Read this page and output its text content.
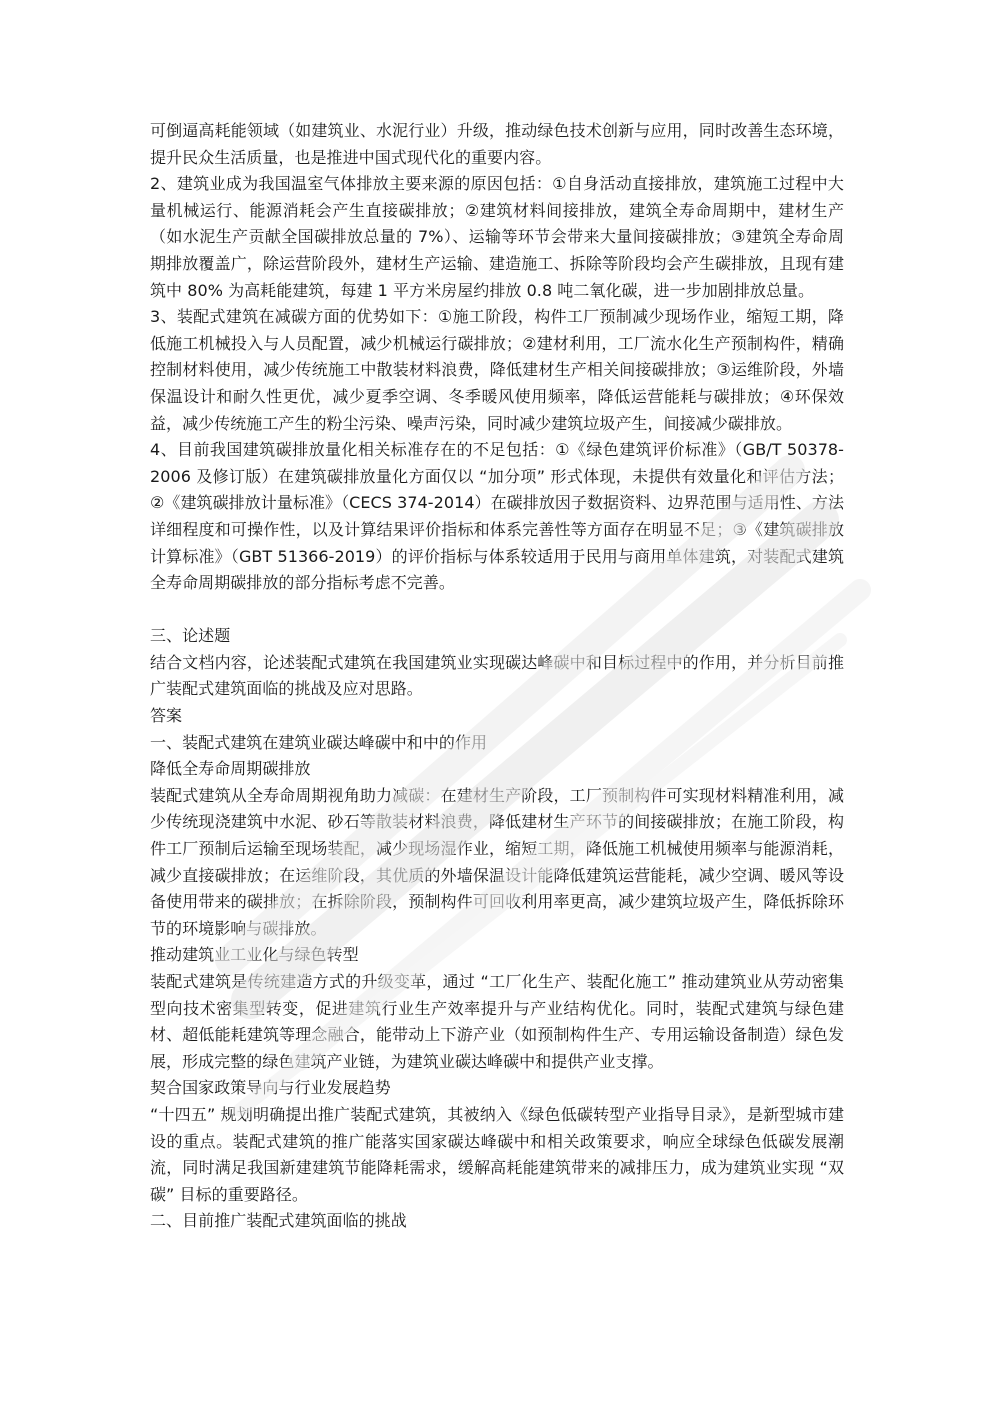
可倒逼高耗能领域（如建筑业、水泥行业）升级，推动绿色技术创新与应用，同时改善生态环境，提升民众生活质量，也是推进中国式现代化的重要内容。

2、建筑业成为我国温室气体排放主要来源的原因包括：①自身活动直接排放，建筑施工过程中大量机械运行、能源消耗会产生直接碳排放；②建筑材料间接排放，建筑全寿命周期中，建材生产（如水泥生产贡献全国碳排放总量的 7%）、运输等环节会带来大量间接碳排放；③建筑全寿命周期排放覆盖广，除运营阶段外，建材生产运输、建造施工、拆除等阶段均会产生碳排放，且现有建筑中 80% 为高耗能建筑，每建 1 平方米房屋约排放 0.8 吨二氧化碳，进一步加剧排放总量。

3、装配式建筑在减碳方面的优势如下：①施工阶段，构件工厂预制减少现场作业，缩短工期，降低施工机械投入与人员配置，减少机械运行碳排放；②建材利用，工厂流水化生产预制构件，精确控制材料使用，减少传统施工中散装材料浪费，降低建材生产相关间接碳排放；③运维阶段，外墙保温设计和耐久性更优，减少夏季空调、冬季暖风使用频率，降低运营能耗与碳排放；④环保效益，减少传统施工产生的粉尘污染、噪声污染，同时减少建筑垃圾产生，间接减少碳排放。

4、目前我国建筑碳排放量化相关标准存在的不足包括：①《绿色建筑评价标准》（GB/T 50378-2006 及修订版）在建筑碳排放量化方面仅以 “加分项” 形式体现，未提供有效量化和评估方法；②《建筑碳排放计量标准》（CECS 374-2014）在碳排放因子数据资料、边界范围与适用性、方法详细程度和可操作性，以及计算结果评价指标和体系完善性等方面存在明显不足；③《建筑碳排放计算标准》（GBT 51366-2019）的评价指标与体系较适用于民用与商用单体建筑，对装配式建筑全寿命周期碳排放的部分指标考虑不完善。

三、论述题

结合文档内容，论述装配式建筑在我国建筑业实现碳达峰碳中和目标过程中的作用，并分析目前推广装配式建筑面临的挑战及应对思路。

答案

一、装配式建筑在建筑业碳达峰碳中和中的作用

降低全寿命周期碳排放

装配式建筑从全寿命周期视角助力减碳：在建材生产阶段，工厂预制构件可实现材料精准利用，减少传统现浇建筑中水泥、砂石等散装材料浪费，降低建材生产环节的间接碳排放；在施工阶段，构件工厂预制后运输至现场装配，减少现场湿作业，缩短工期，降低施工机械使用频率与能源消耗，减少直接碳排放；在运维阶段，其优质的外墙保温设计能降低建筑运营能耗，减少空调、暖风等设备使用带来的碳排放；在拆除阶段，预制构件可回收利用率更高，减少建筑垃圾产生，降低拆除环节的环境影响与碳排放。

推动建筑业工业化与绿色转型

装配式建筑是传统建造方式的升级变革，通过 “工厂化生产、装配化施工” 推动建筑业从劳动密集型向技术密集型转变，促进建筑行业生产效率提升与产业结构优化。同时，装配式建筑与绿色建材、超低能耗建筑等理念融合，能带动上下游产业（如预制构件生产、专用运输设备制造）绿色发展，形成完整的绿色建筑产业链，为建筑业碳达峰碳中和提供产业支撑。

契合国家政策导向与行业发展趋势

“十四五” 规划明确提出推广装配式建筑，其被纳入《绿色低碳转型产业指导目录》，是新型城市建设的重点。装配式建筑的推广能落实国家碳达峰碳中和相关政策要求，响应全球绿色低碳发展潮流，同时满足我国新建建筑节能降耗需求，缓解高耗能建筑带来的减排压力，成为建筑业实现 “双碳” 目标的重要路径。

二、目前推广装配式建筑面临的挑战
